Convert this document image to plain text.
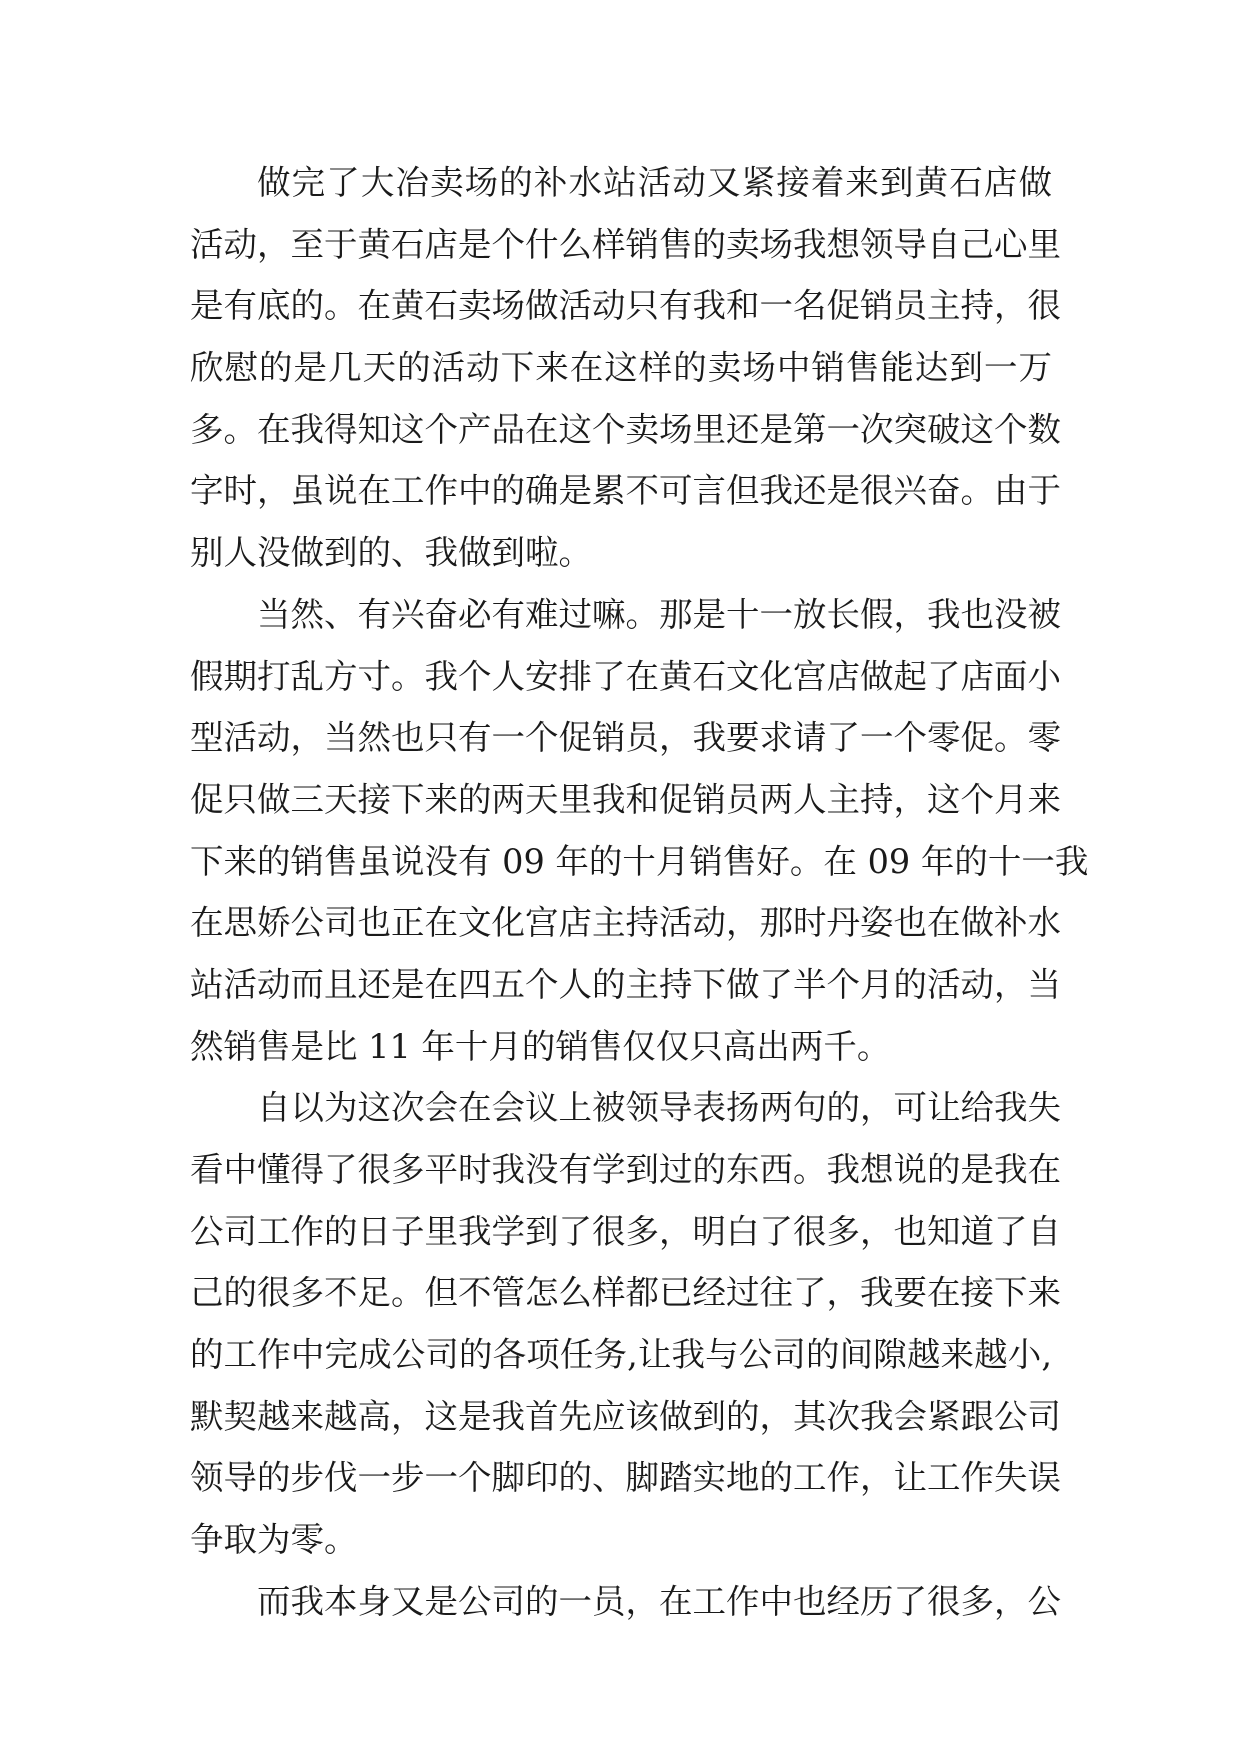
做完了大冶卖场的补水站活动又紧接着来到黄石店做
活动，至于黄石店是个什么样销售的卖场我想领导自己心里
是有底的。在黄石卖场做活动只有我和一名促销员主持，很
欣慰的是几天的活动下来在这样的卖场中销售能达到一万
多。在我得知这个产品在这个卖场里还是第一次突破这个数
字时，虽说在工作中的确是累不可言但我还是很兴奋。由于
别人没做到的、我做到啦。
当然、有兴奋必有难过嘛。那是十一放长假，我也没被
假期打乱方寸。我个人安排了在黄石文化宫店做起了店面小
型活动，当然也只有一个促销员，我要求请了一个零促。零
促只做三天接下来的两天里我和促销员两人主持，这个月来
下来的销售虽说没有 09 年的十月销售好。在 09 年的十一我
在思娇公司也正在文化宫店主持活动，那时丹姿也在做补水
站活动而且还是在四五个人的主持下做了半个月的活动，当
然销售是比 11 年十月的销售仅仅只高出两千。
自以为这次会在会议上被领导表扬两句的，可让给我失
看中懂得了很多平时我没有学到过的东西。我想说的是我在
公司工作的日子里我学到了很多，明白了很多，也知道了自
己的很多不足。但不管怎么样都已经过往了，我要在接下来
的工作中完成公司的各项任务,让我与公司的间隙越来越小,
默契越来越高，这是我首先应该做到的，其次我会紧跟公司
领导的步伐一步一个脚印的、脚踏实地的工作，让工作失误
争取为零。
而我本身又是公司的一员，在工作中也经历了很多，公
